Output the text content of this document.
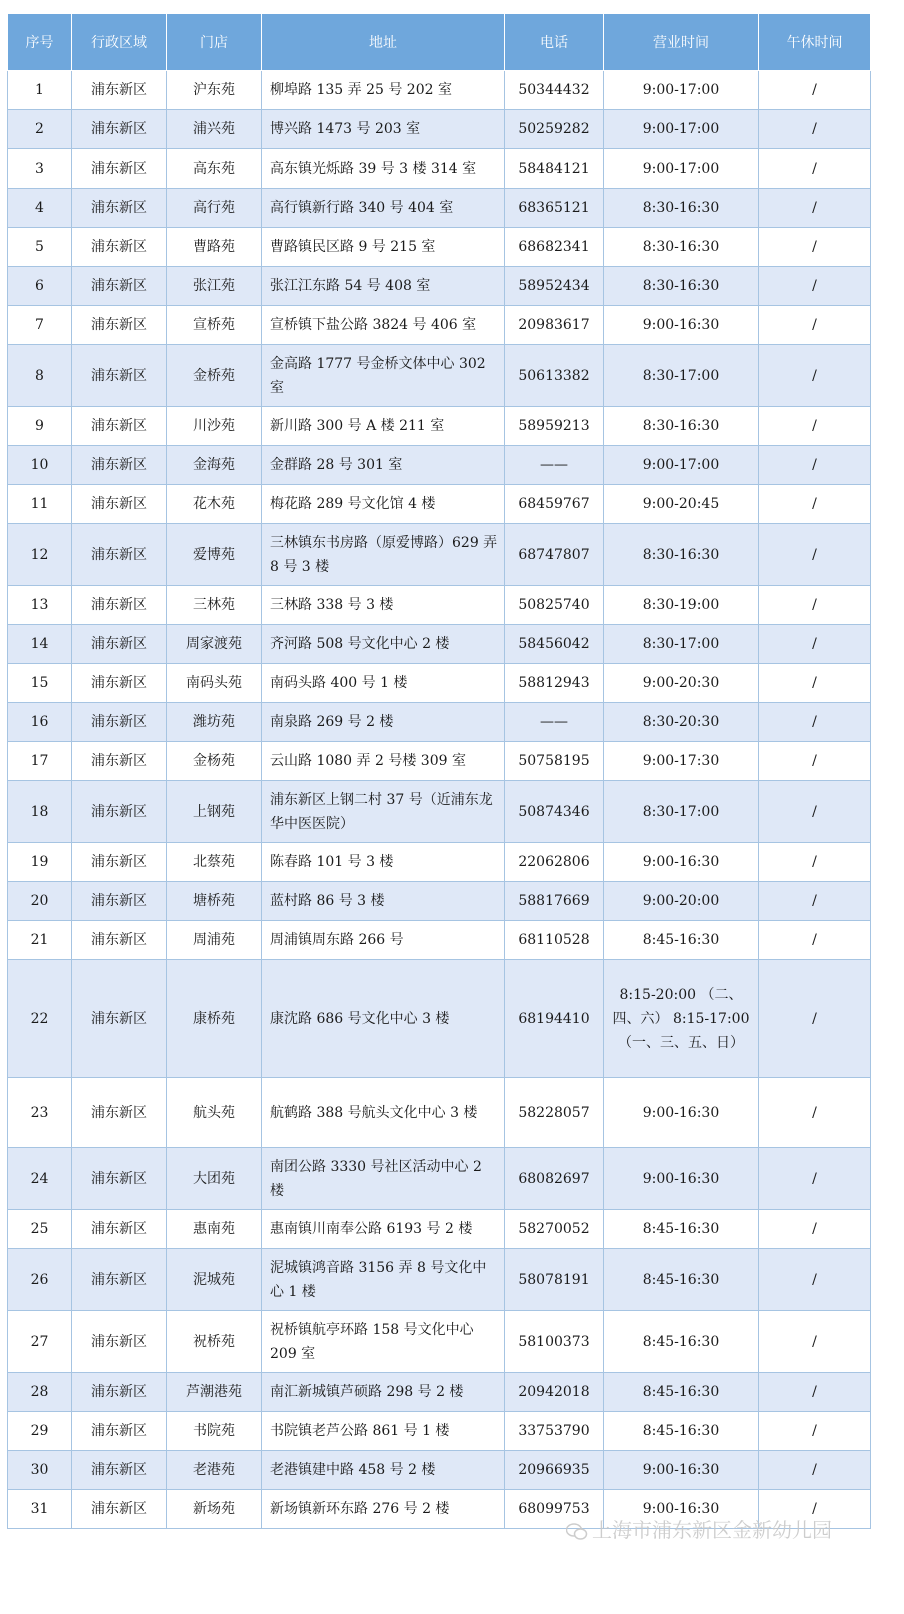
序号	行政区域	门店	地址	电话	营业时间	午休时间
1	浦东新区	沪东苑	柳埠路 135 弄 25 号 202 室	50344432	9:00-17:00	/
2	浦东新区	浦兴苑	博兴路 1473 号 203 室	50259282	9:00-17:00	/
3	浦东新区	高东苑	高东镇光烁路 39 号 3 楼 314 室	58484121	9:00-17:00	/
4	浦东新区	高行苑	高行镇新行路 340 号 404 室	68365121	8:30-16:30	/
5	浦东新区	曹路苑	曹路镇民区路 9 号 215 室	68682341	8:30-16:30	/
6	浦东新区	张江苑	张江江东路 54 号 408 室	58952434	8:30-16:30	/
7	浦东新区	宣桥苑	宣桥镇下盐公路 3824 号 406 室	20983617	9:00-16:30	/
8	浦东新区	金桥苑	金高路 1777 号金桥文体中心 302 室	50613382	8:30-17:00	/
9	浦东新区	川沙苑	新川路 300 号 A 楼 211 室	58959213	8:30-16:30	/
10	浦东新区	金海苑	金群路 28 号 301 室	——	9:00-17:00	/
11	浦东新区	花木苑	梅花路 289 号文化馆 4 楼	68459767	9:00-20:45	/
12	浦东新区	爱博苑	三林镇东书房路（原爱博路）629 弄 8 号 3 楼	68747807	8:30-16:30	/
13	浦东新区	三林苑	三林路 338 号 3 楼	50825740	8:30-19:00	/
14	浦东新区	周家渡苑	齐河路 508 号文化中心 2 楼	58456042	8:30-17:00	/
15	浦东新区	南码头苑	南码头路 400 号 1 楼	58812943	9:00-20:30	/
16	浦东新区	潍坊苑	南泉路 269 号 2 楼	——	8:30-20:30	/
17	浦东新区	金杨苑	云山路 1080 弄 2 号楼 309 室	50758195	9:00-17:30	/
18	浦东新区	上钢苑	浦东新区上钢二村 37 号（近浦东龙华中医医院）	50874346	8:30-17:00	/
19	浦东新区	北蔡苑	陈春路 101 号 3 楼	22062806	9:00-16:30	/
20	浦东新区	塘桥苑	蓝村路 86 号 3 楼	58817669	9:00-20:00	/
21	浦东新区	周浦苑	周浦镇周东路 266 号	68110528	8:45-16:30	/
22	浦东新区	康桥苑	康沈路 686 号文化中心 3 楼	68194410	8:15-20:00 （二、四、六） 8:15-17:00 （一、三、五、日）	/
23	浦东新区	航头苑	航鹤路 388 号航头文化中心 3 楼	58228057	9:00-16:30	/
24	浦东新区	大团苑	南团公路 3330 号社区活动中心 2 楼	68082697	9:00-16:30	/
25	浦东新区	惠南苑	惠南镇川南奉公路 6193 号 2 楼	58270052	8:45-16:30	/
26	浦东新区	泥城苑	泥城镇鸿音路 3156 弄 8 号文化中心 1 楼	58078191	8:45-16:30	/
27	浦东新区	祝桥苑	祝桥镇航亭环路 158 号文化中心 209 室	58100373	8:45-16:30	/
28	浦东新区	芦潮港苑	南汇新城镇芦硕路 298 号 2 楼	20942018	8:45-16:30	/
29	浦东新区	书院苑	书院镇老芦公路 861 号 1 楼	33753790	8:45-16:30	/
30	浦东新区	老港苑	老港镇建中路 458 号 2 楼	20966935	9:00-16:30	/
31	浦东新区	新场苑	新场镇新环东路 276 号 2 楼	68099753	9:00-16:30	/
上海市浦东新区金新幼儿园
